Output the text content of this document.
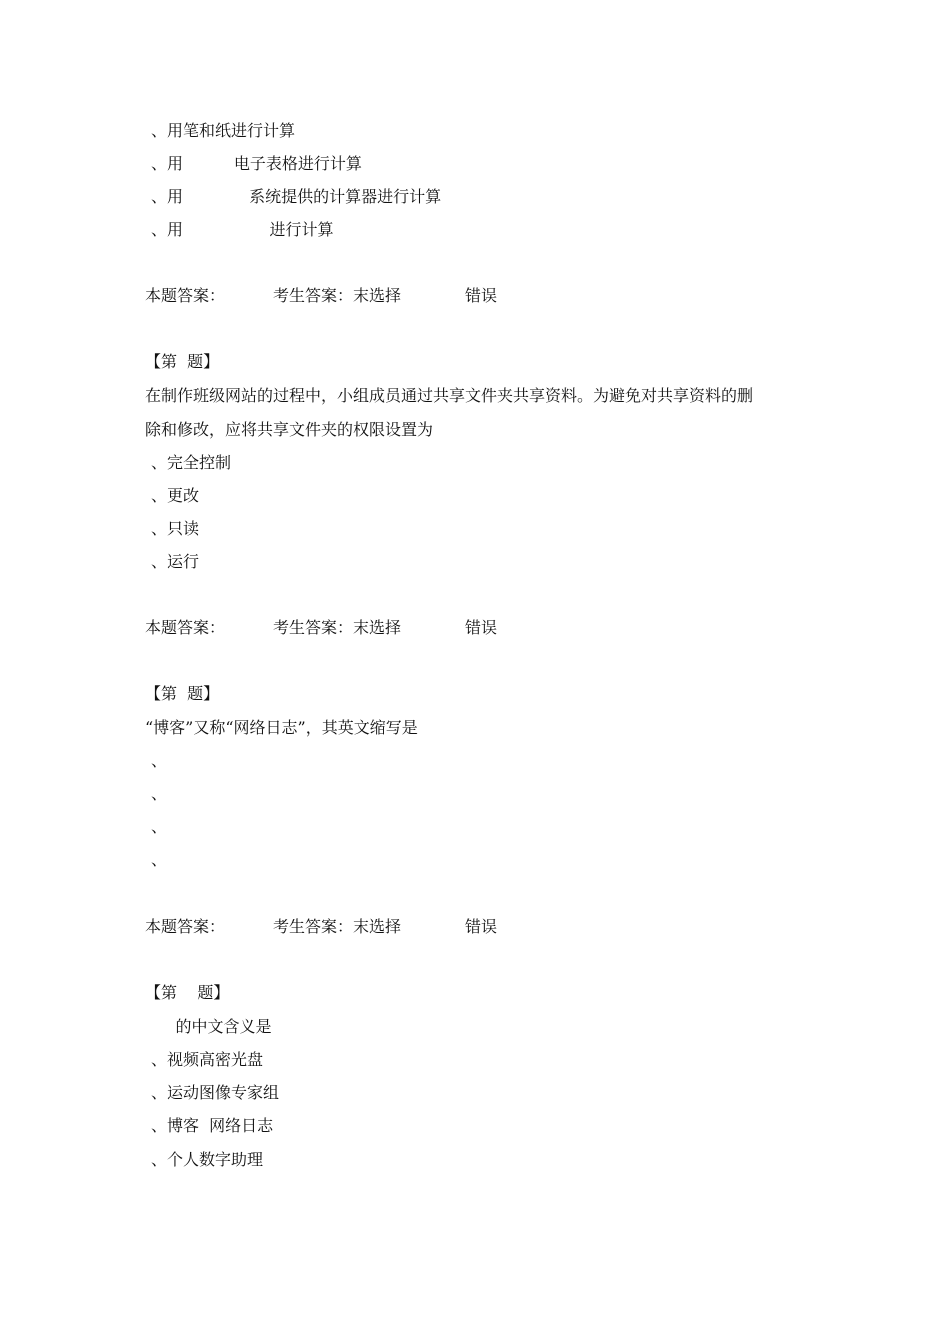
、用笔和纸进行计算
、用          电子表格进行计算
、用             系统提供的计算器进行计算
、用                 进行计算

本题答案：

	考生答案：末选择

	错误

【第  题】
在制作班级网站的过程中，小组成员通过共享文件夹共享资料。为避免对共享资料的删
除和修改，应将共享文件夹的权限设置为
、完全控制
、更改
、只读
、运行

本题答案：

	考生答案：末选择

	错误

【第  题】
“博客”又称“网络日志”，其英文缩写是
、
、
、
、

本题答案：

	考生答案：末选择

	错误

【第    题】
的中文含义是
、视频高密光盘
、运动图像专家组
、博客  网络日志
、个人数字助理
